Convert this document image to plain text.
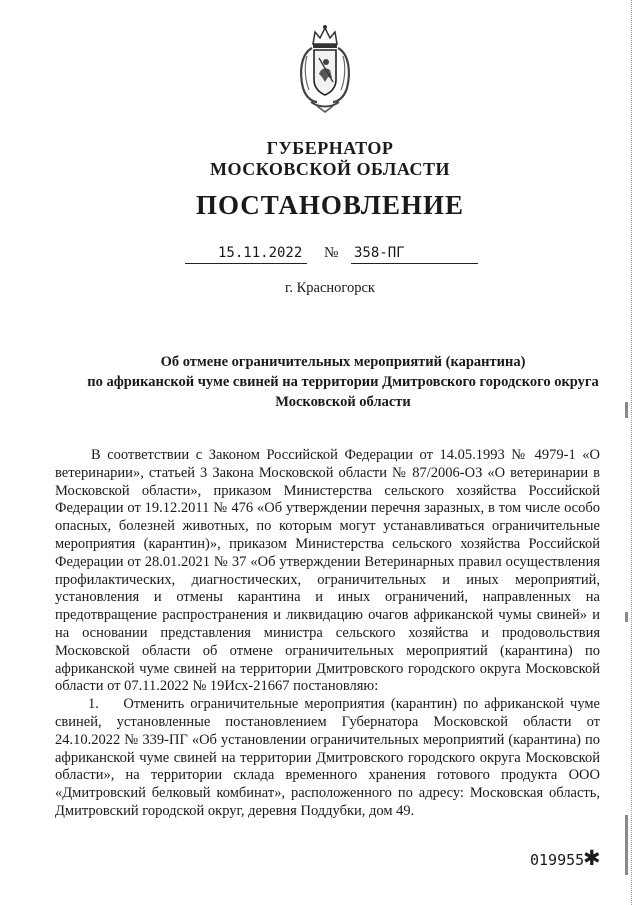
ГУБЕРНАТОР
МОСКОВСКОЙ ОБЛАСТИ
ПОСТАНОВЛЕНИЕ
15.11.2022 № 358-ПГ
г. Красногорск
Об отмене ограничительных мероприятий (карантина)
по африканской чуме свиней на территории Дмитровского городского округа
Московской области

В соответствии с Законом Российской Федерации от 14.05.1993 № 4979-1 «О ветеринарии», статьей 3 Закона Московской области № 87/2006-ОЗ «О ветеринарии в Московской области», приказом Министерства сельского хозяйства Российской Федерации от 19.12.2011 № 476 «Об утверждении перечня заразных, в том числе особо опасных, болезней животных, по которым могут устанавливаться ограничительные мероприятия (карантин)», приказом Министерства сельского хозяйства Российской Федерации от 28.01.2021 № 37 «Об утверждении Ветеринарных правил осуществления профилактических, диагностических, ограничительных и иных мероприятий, установления и отмены карантина и иных ограничений, направленных на предотвращение распространения и ликвидацию очагов африканской чумы свиней» и на основании представления министра сельского хозяйства и продовольствия Московской области об отмене ограничительных мероприятий (карантина) по африканской чуме свиней на территории Дмитровского городского округа Московской области от 07.11.2022 № 19Исх-21667 постановляю:

1.    Отменить ограничительные мероприятия (карантин) по африканской чуме свиней, установленные постановлением Губернатора Московской области от 24.10.2022 № 339-ПГ «Об установлении ограничительных мероприятий (карантина) по африканской чуме свиней на территории Дмитровского городского округа Московской области», на территории склада временного хранения готового продукта ООО «Дмитровский белковый комбинат», расположенного по адресу: Московская область, Дмитровский городской округ, деревня Поддубки, дом 49.

019955
✱
